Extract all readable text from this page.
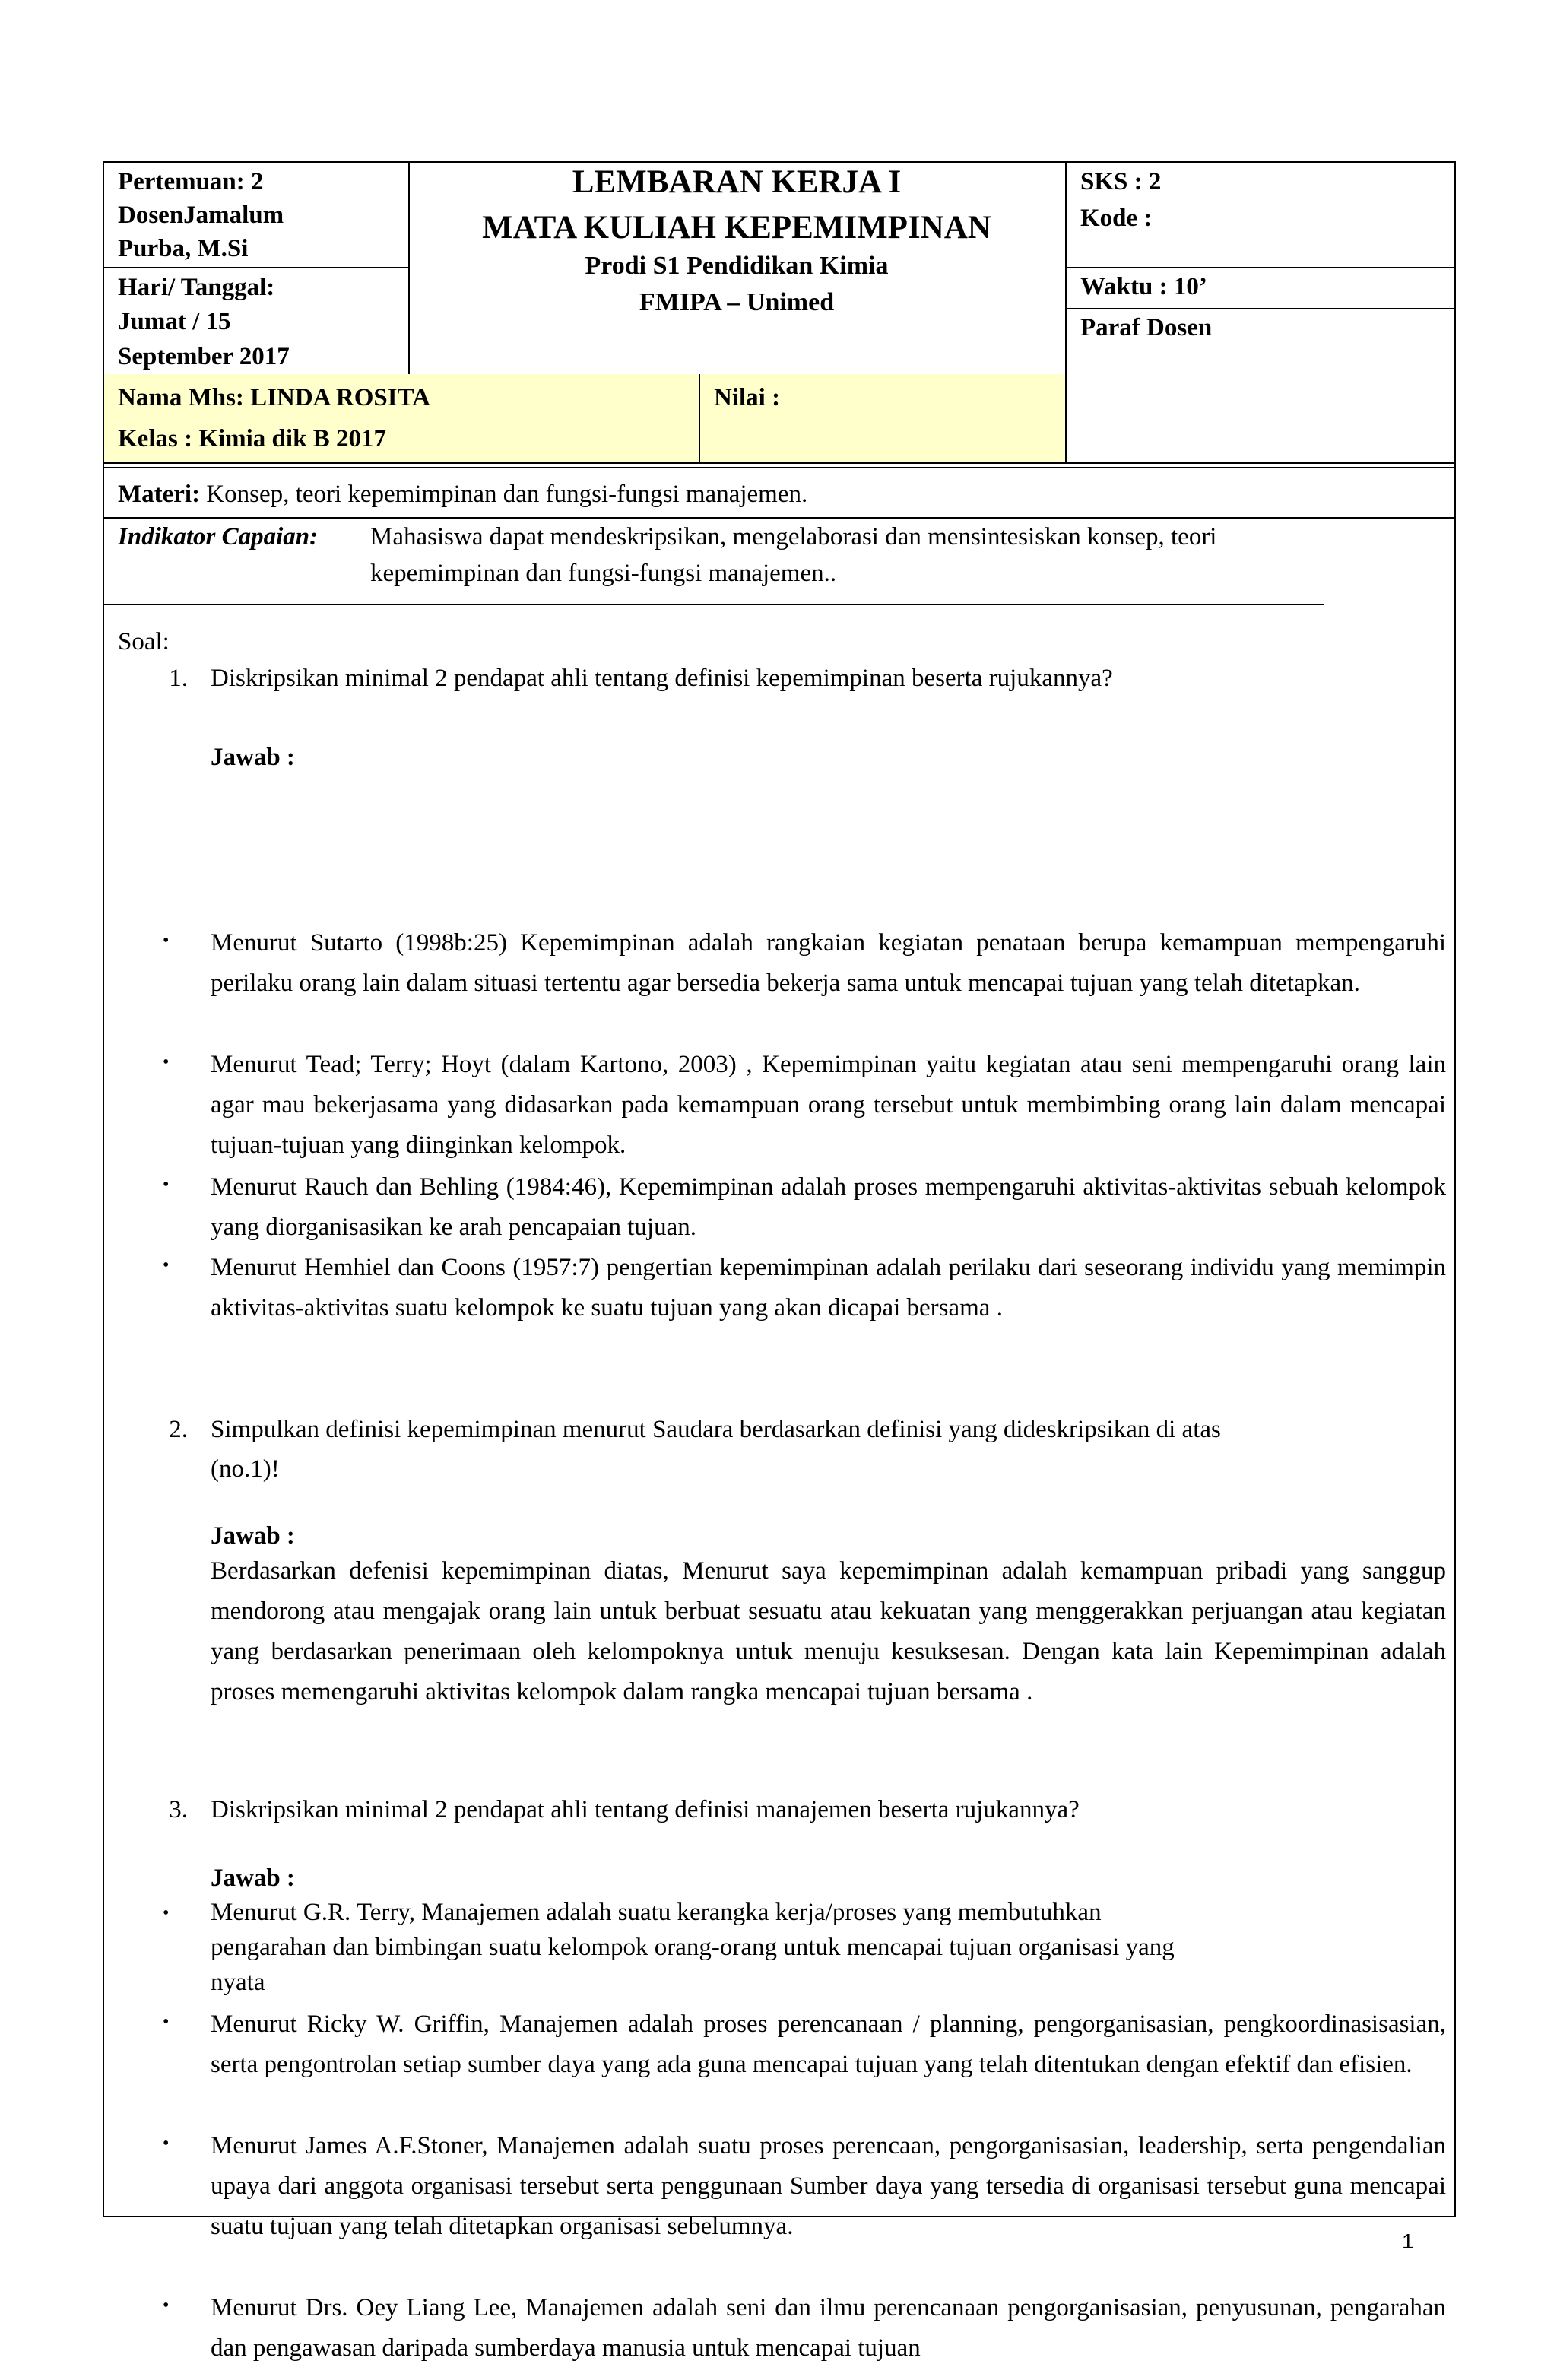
Nama Mhs: LINDA ROSITA
Kelas : Kimia dik B 2017
Nilai :
Pertemuan: 2
DosenJamalum
Purba, M.Si
Hari/ Tanggal:
Jumat / 15
September 2017
LEMBARAN KERJA I
MATA KULIAH KEPEMIMPINAN
Prodi S1 Pendidikan Kimia
FMIPA – Unimed
SKS : 2
Kode :
Waktu : 10’
Paraf Dosen
Materi: Konsep, teori kepemimpinan dan fungsi-fungsi manajemen.
Indikator Capaian: Mahasiswa dapat mendeskripsikan, mengelaborasi dan mensintesiskan konsep, teori
kepemimpinan dan fungsi-fungsi manajemen..
Soal:
1. Diskripsikan minimal 2 pendapat ahli tentang definisi kepemimpinan beserta rujukannya?
Jawab :
• Menurut Sutarto (1998b:25) Kepemimpinan adalah rangkaian kegiatan penataan berupa kemampuan mempengaruhi perilaku orang lain dalam situasi tertentu agar bersedia bekerja sama untuk mencapai tujuan yang telah ditetapkan.
• Menurut Tead; Terry; Hoyt (dalam Kartono, 2003) , Kepemimpinan yaitu kegiatan atau seni mempengaruhi orang lain agar mau bekerjasama yang didasarkan pada kemampuan orang tersebut untuk membimbing orang lain dalam mencapai tujuan-tujuan yang diinginkan kelompok.
• Menurut Rauch dan Behling (1984:46), Kepemimpinan adalah proses mempengaruhi aktivitas-aktivitas sebuah kelompok yang diorganisasikan ke arah pencapaian tujuan.
• Menurut Hemhiel dan Coons (1957:7) pengertian kepemimpinan adalah perilaku dari seseorang individu yang memimpin aktivitas-aktivitas suatu kelompok ke suatu tujuan yang akan dicapai bersama .
2. Simpulkan definisi kepemimpinan menurut Saudara berdasarkan definisi yang dideskripsikan di atas
(no.1)!
Jawab :
Berdasarkan defenisi kepemimpinan diatas, Menurut saya kepemimpinan adalah kemampuan pribadi yang sanggup mendorong atau mengajak orang lain untuk berbuat sesuatu atau kekuatan yang menggerakkan perjuangan atau kegiatan yang berdasarkan penerimaan oleh kelompoknya untuk menuju kesuksesan. Dengan kata lain Kepemimpinan adalah proses memengaruhi aktivitas kelompok dalam rangka mencapai tujuan bersama .
3. Diskripsikan minimal 2 pendapat ahli tentang definisi manajemen beserta rujukannya?
Jawab :
• Menurut G.R. Terry, Manajemen adalah suatu kerangka kerja/proses yang membutuhkan
pengarahan dan bimbingan suatu kelompok orang-orang untuk mencapai tujuan organisasi yang
nyata
• Menurut Ricky W. Griffin, Manajemen adalah proses perencanaan / planning, pengorganisasian, pengkoordinasisasian, serta pengontrolan setiap sumber daya yang ada guna mencapai tujuan yang telah ditentukan dengan efektif dan efisien.
• Menurut James A.F.Stoner, Manajemen adalah suatu proses perencaan, pengorganisasian, leadership, serta pengendalian upaya dari anggota organisasi tersebut serta penggunaan Sumber daya yang tersedia di organisasi tersebut guna mencapai suatu tujuan yang telah ditetapkan organisasi sebelumnya.
• Menurut Drs. Oey Liang Lee, Manajemen adalah seni dan ilmu perencanaan pengorganisasian, penyusunan, pengarahan dan pengawasan daripada sumberdaya manusia untuk mencapai tujuan
1
